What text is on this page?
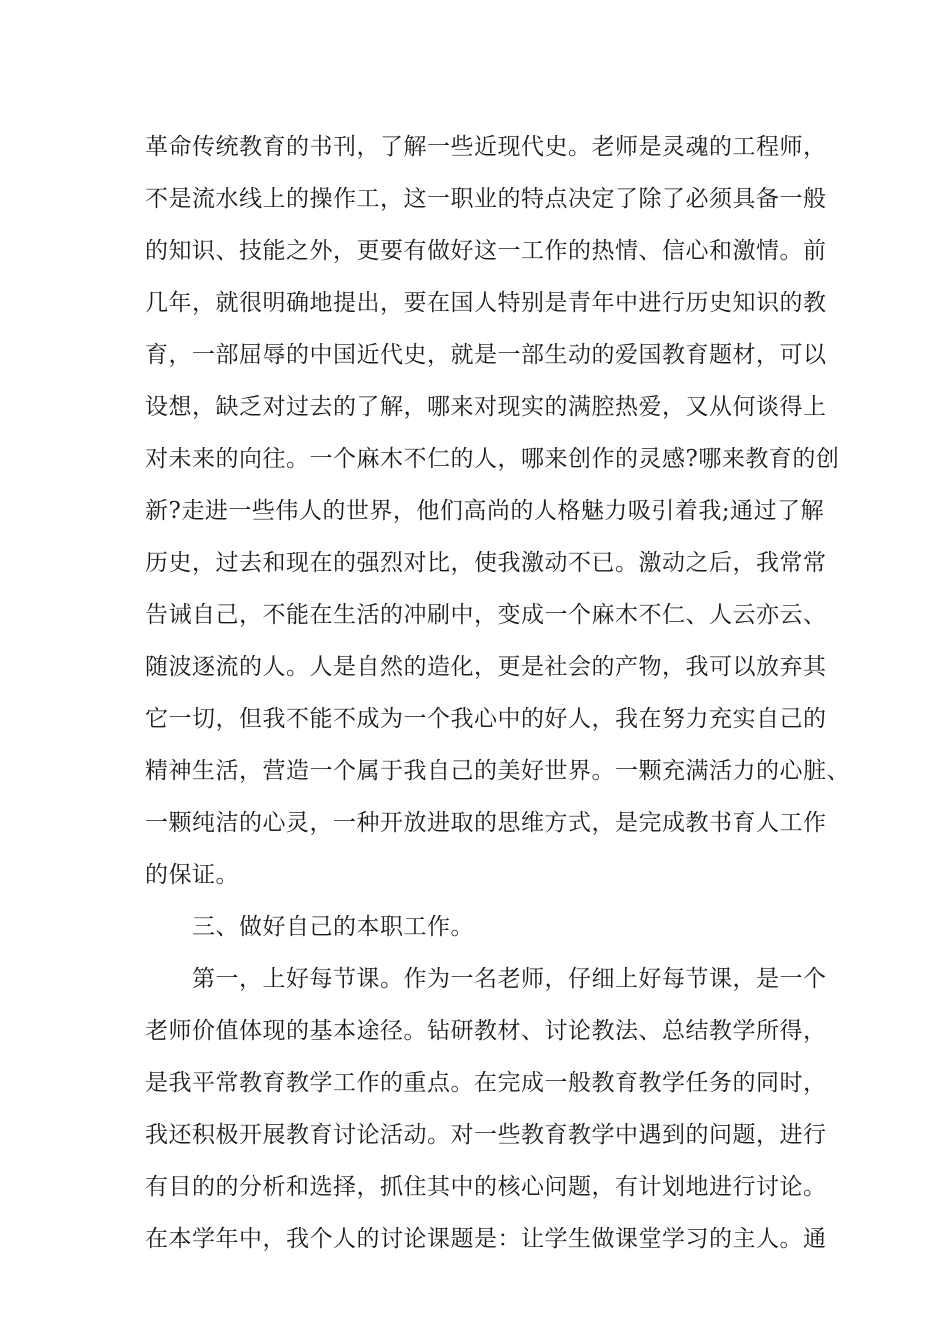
革命传统教育的书刊，了解一些近现代史。老师是灵魂的工程师，
不是流水线上的操作工，这一职业的特点决定了除了必须具备一般
的知识、技能之外，更要有做好这一工作的热情、信心和激情。前
几年，就很明确地提出，要在国人特别是青年中进行历史知识的教
育，一部屈辱的中国近代史，就是一部生动的爱国教育题材，可以
设想，缺乏对过去的了解，哪来对现实的满腔热爱，又从何谈得上
对未来的向往。一个麻木不仁的人，哪来创作的灵感?哪来教育的创
新?走进一些伟人的世界，他们高尚的人格魅力吸引着我;通过了解
历史，过去和现在的强烈对比，使我激动不已。激动之后，我常常
告诫自己，不能在生活的冲刷中，变成一个麻木不仁、人云亦云、
随波逐流的人。人是自然的造化，更是社会的产物，我可以放弃其
它一切，但我不能不成为一个我心中的好人，我在努力充实自己的
精神生活，营造一个属于我自己的美好世界。一颗充满活力的心脏、
一颗纯洁的心灵，一种开放进取的思维方式，是完成教书育人工作
的保证。
三、做好自己的本职工作。
第一，上好每节课。作为一名老师，仔细上好每节课，是一个
老师价值体现的基本途径。钻研教材、讨论教法、总结教学所得，
是我平常教育教学工作的重点。在完成一般教育教学任务的同时，
我还积极开展教育讨论活动。对一些教育教学中遇到的问题，进行
有目的的分析和选择，抓住其中的核心问题，有计划地进行讨论。
在本学年中，我个人的讨论课题是：让学生做课堂学习的主人。通
